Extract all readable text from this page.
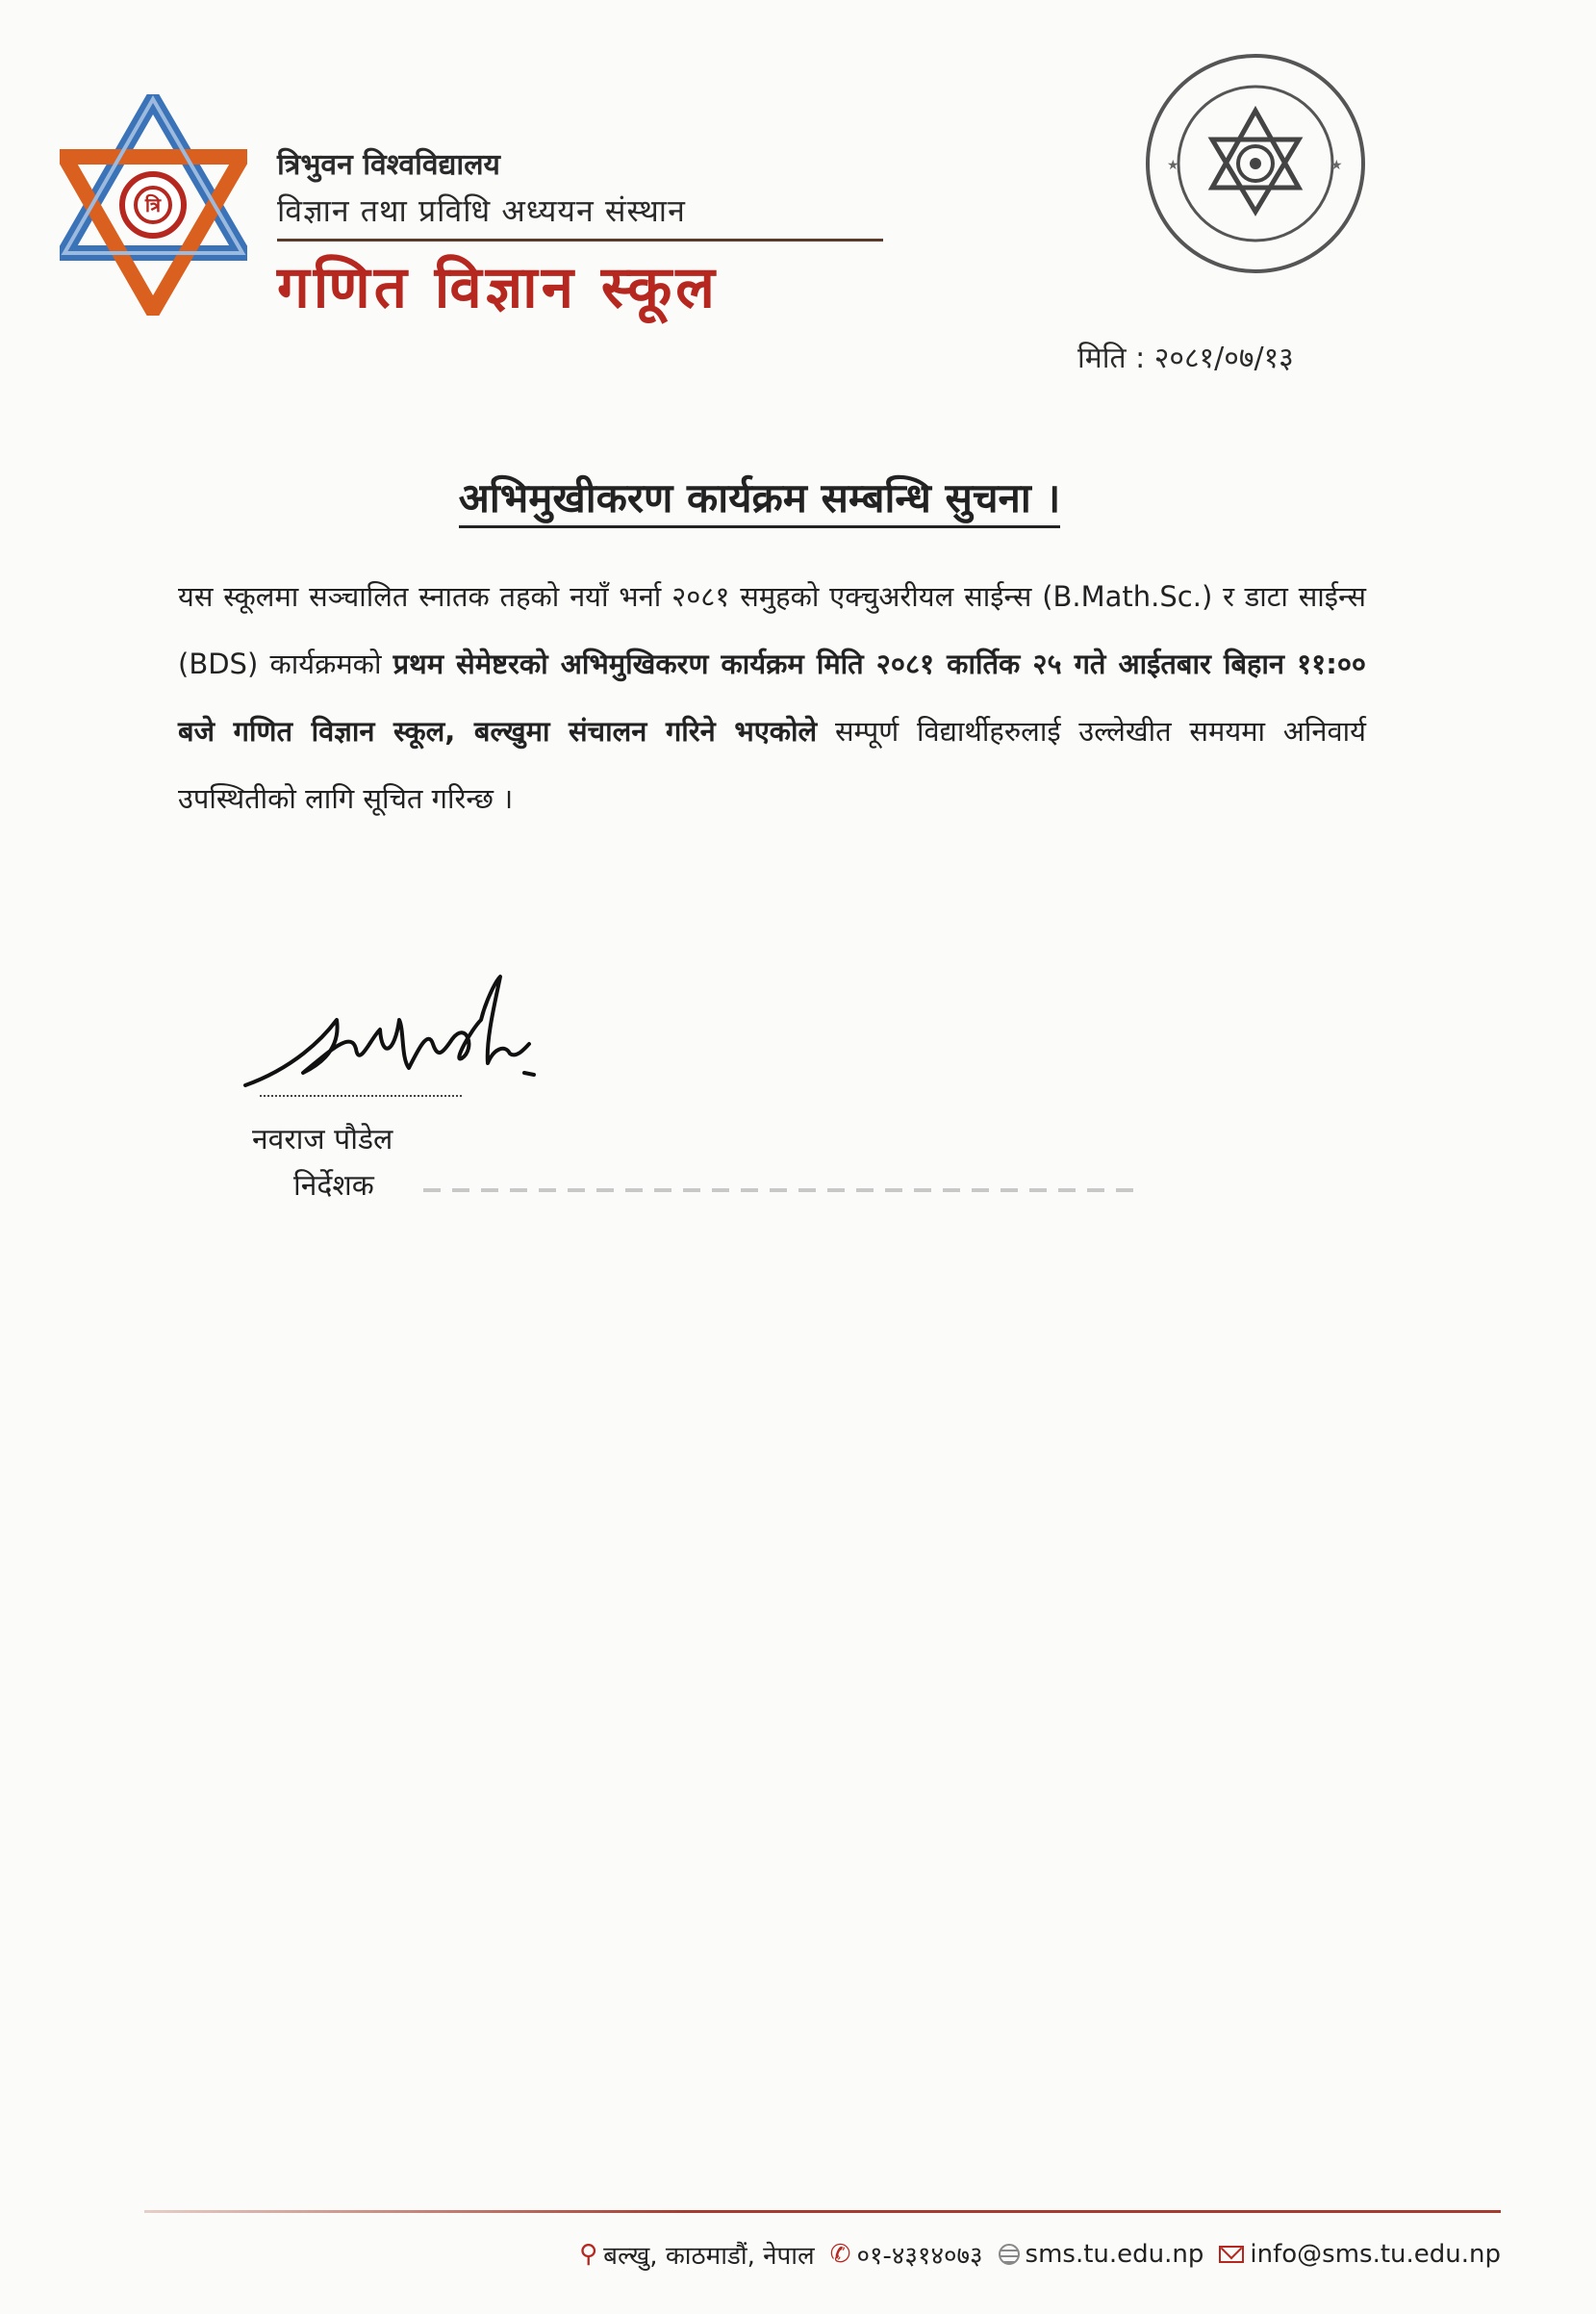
त्रि
त्रिभुवन विश्वविद्यालय
विज्ञान तथा प्रविधि अध्ययन संस्थान
गणित विज्ञान स्कूल
★	★
मिति : २०८१/०७/१३
अभिमुखीकरण कार्यक्रम सम्बन्धि सुचना ।
यस स्कूलमा सञ्चालित स्नातक तहको नयाँ भर्ना २०८१ समुहको एक्चुअरीयल साईन्स (B.Math.Sc.) र डाटा साईन्स (BDS) कार्यक्रमको प्रथम सेमेष्टरको अभिमुखिकरण कार्यक्रम मिति २०८१ कार्तिक २५ गते आईतबार बिहान ११:०० बजे गणित विज्ञान स्कूल, बल्खुमा संचालन गरिने भएकोले सम्पूर्ण विद्यार्थीहरुलाई उल्लेखीत समयमा अनिवार्य उपस्थितीको लागि सूचित गरिन्छ ।
नवराज पौडेल
निर्देशक
⚲ बल्खु, काठमाडौं, नेपाल ✆ ०१-४३१४०७३ sms.tu.edu.np info@sms.tu.edu.np
